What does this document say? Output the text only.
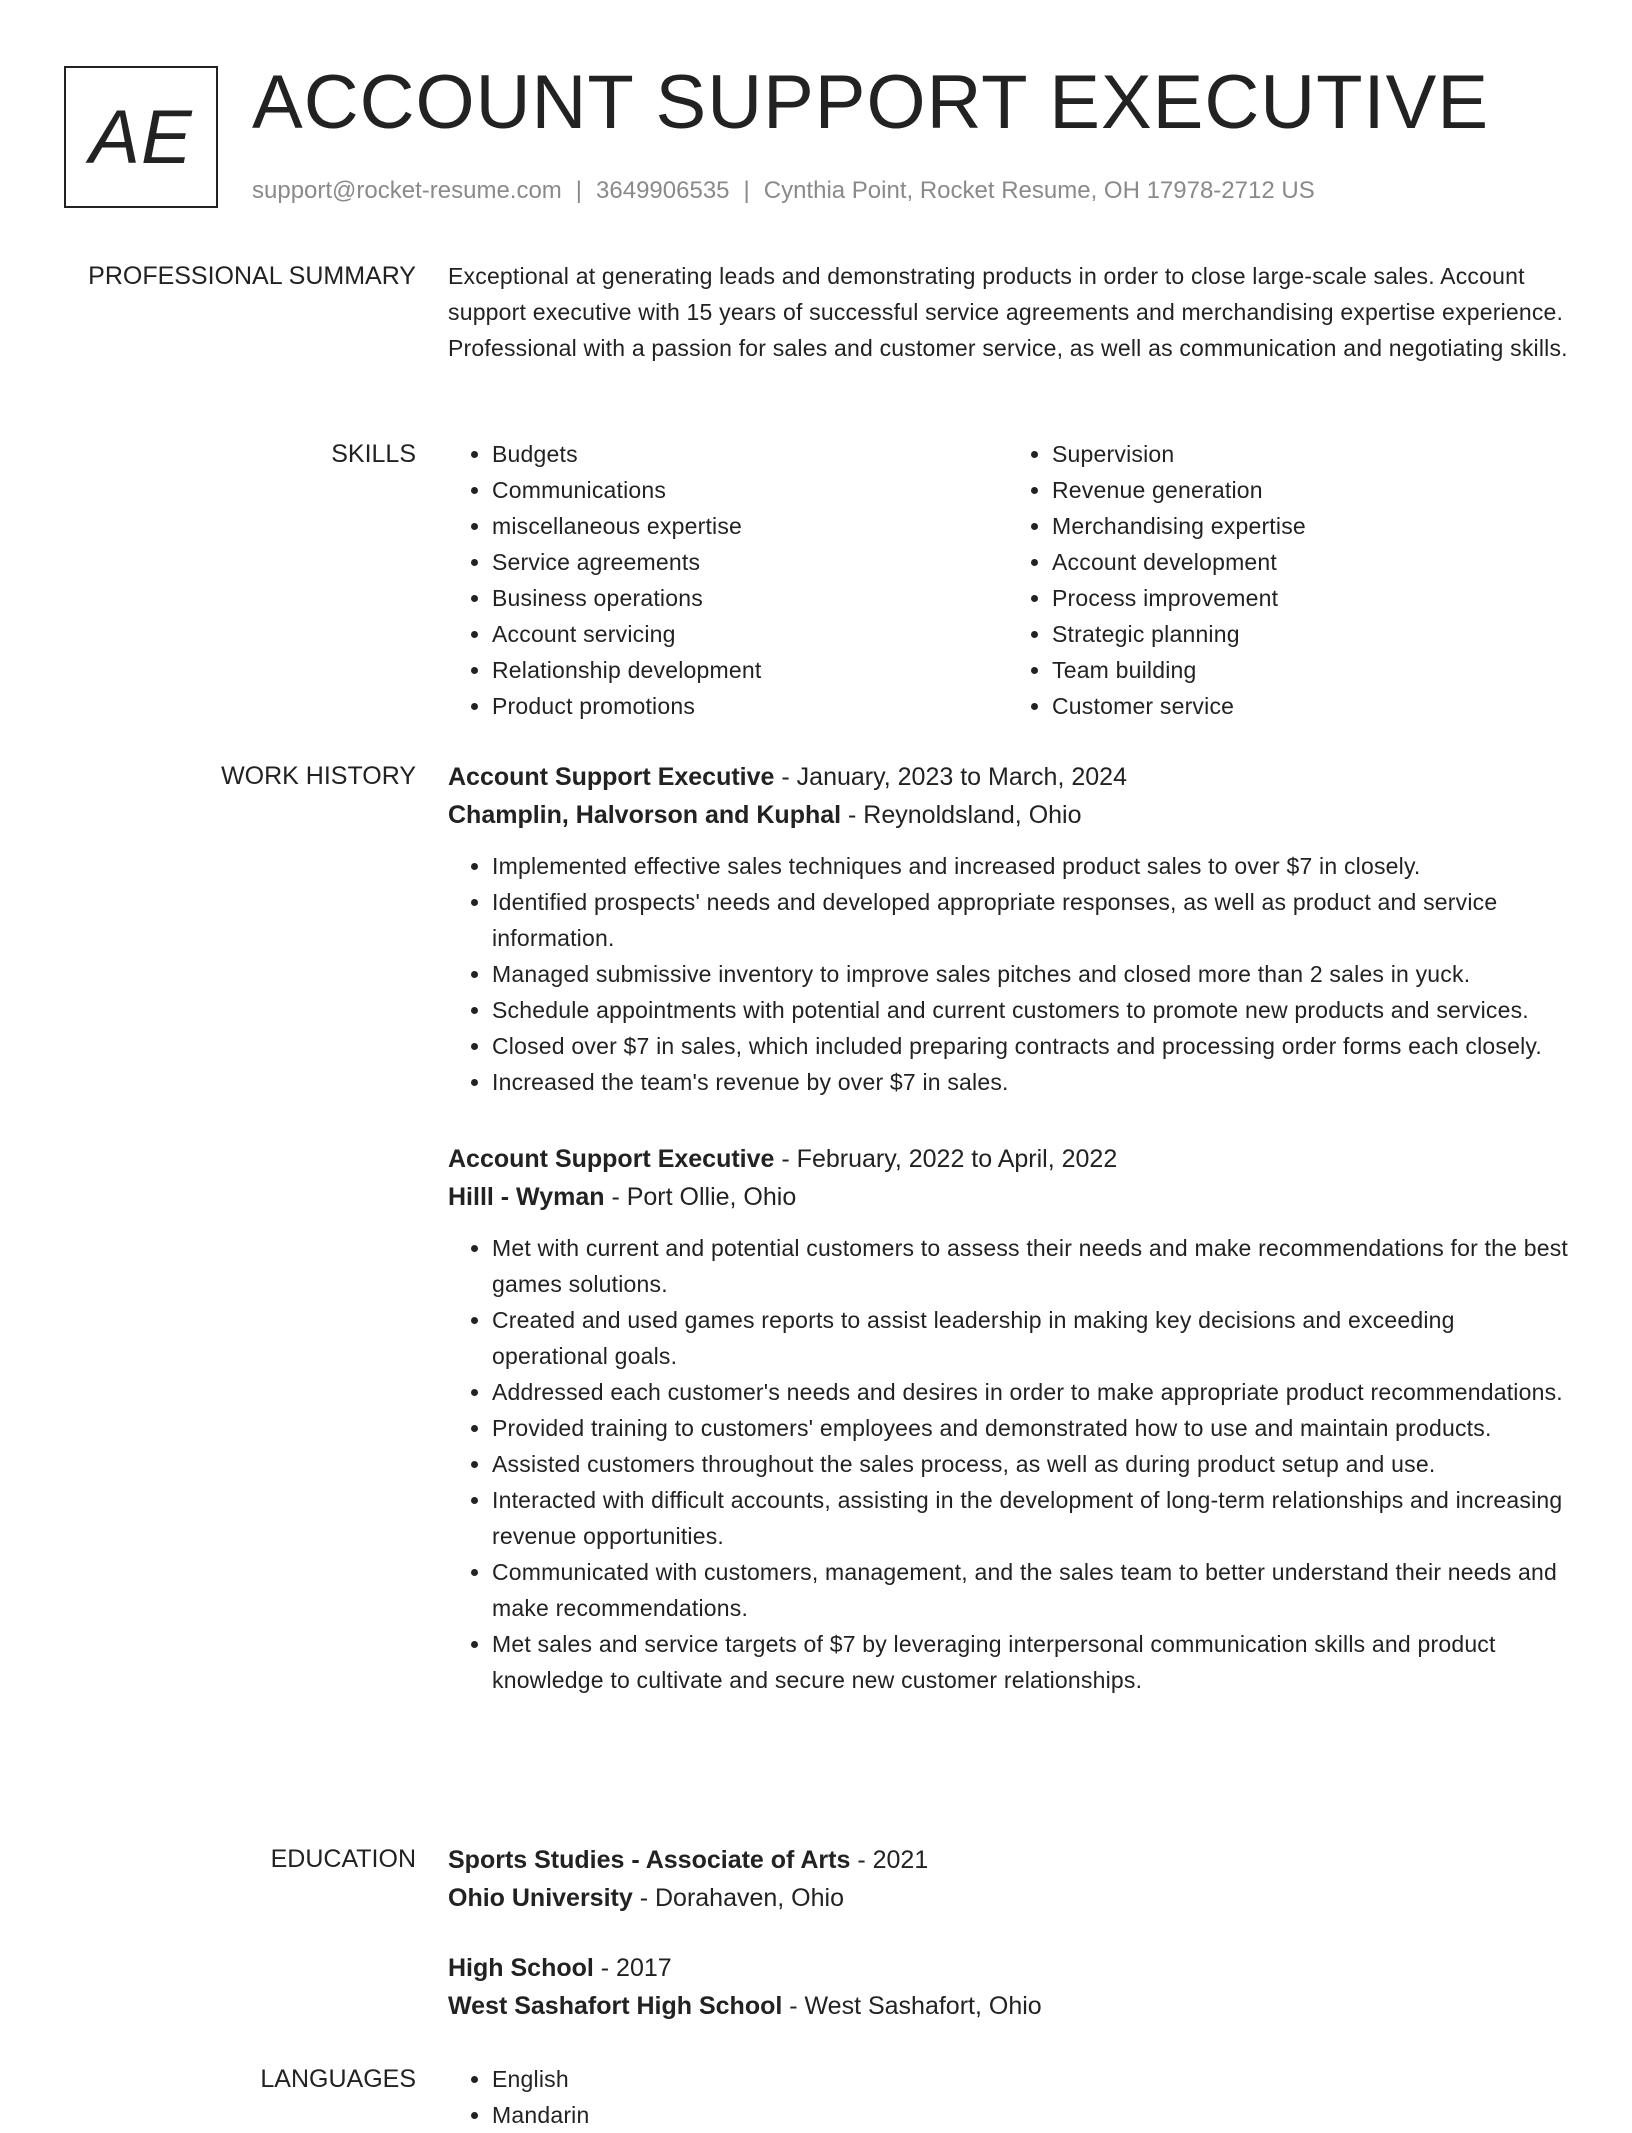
AE ACCOUNT SUPPORT EXECUTIVE
support@rocket-resume.com | 3649906535 | Cynthia Point, Rocket Resume, OH 17978-2712 US
PROFESSIONAL SUMMARY Exceptional at generating leads and demonstrating products in order to close large-scale sales. Account support executive with 15 years of successful service agreements and merchandising expertise experience. Professional with a passion for sales and customer service, as well as communication and negotiating skills.

SKILLS	• Budgets
• Communications
• miscellaneous expertise
• Service agreements
• Business operations
• Account servicing
• Relationship development
• Product promotions
• Supervision
• Revenue generation
• Merchandising expertise
• Account development
• Process improvement
• Strategic planning
• Team building
• Customer service
WORK HISTORY Account Support Executive - January, 2023 to March, 2024
Champlin, Halvorson and Kuphal - Reynoldsland, Ohio
• Implemented effective sales techniques and increased product sales to over $7 in closely.
• Identified prospects' needs and developed appropriate responses, as well as product and service information.
• Managed submissive inventory to improve sales pitches and closed more than 2 sales in yuck.
• Schedule appointments with potential and current customers to promote new products and services.
• Closed over $7 in sales, which included preparing contracts and processing order forms each closely.
• Increased the team's revenue by over $7 in sales.
Account Support Executive - February, 2022 to April, 2022
Hilll - Wyman - Port Ollie, Ohio
• Met with current and potential customers to assess their needs and make recommendations for the best games solutions.
• Created and used games reports to assist leadership in making key decisions and exceeding operational goals.
• Addressed each customer's needs and desires in order to make appropriate product recommendations.
• Provided training to customers' employees and demonstrated how to use and maintain products.
• Assisted customers throughout the sales process, as well as during product setup and use.
• Interacted with difficult accounts, assisting in the development of long-term relationships and increasing revenue opportunities.
• Communicated with customers, management, and the sales team to better understand their needs and make recommendations.
• Met sales and service targets of $7 by leveraging interpersonal communication skills and product knowledge to cultivate and secure new customer relationships.
EDUCATION Sports Studies - Associate of Arts - 2021
Ohio University - Dorahaven, Ohio
High School - 2017
West Sashafort High School - West Sashafort, Ohio
LANGUAGES	• English
• Mandarin
